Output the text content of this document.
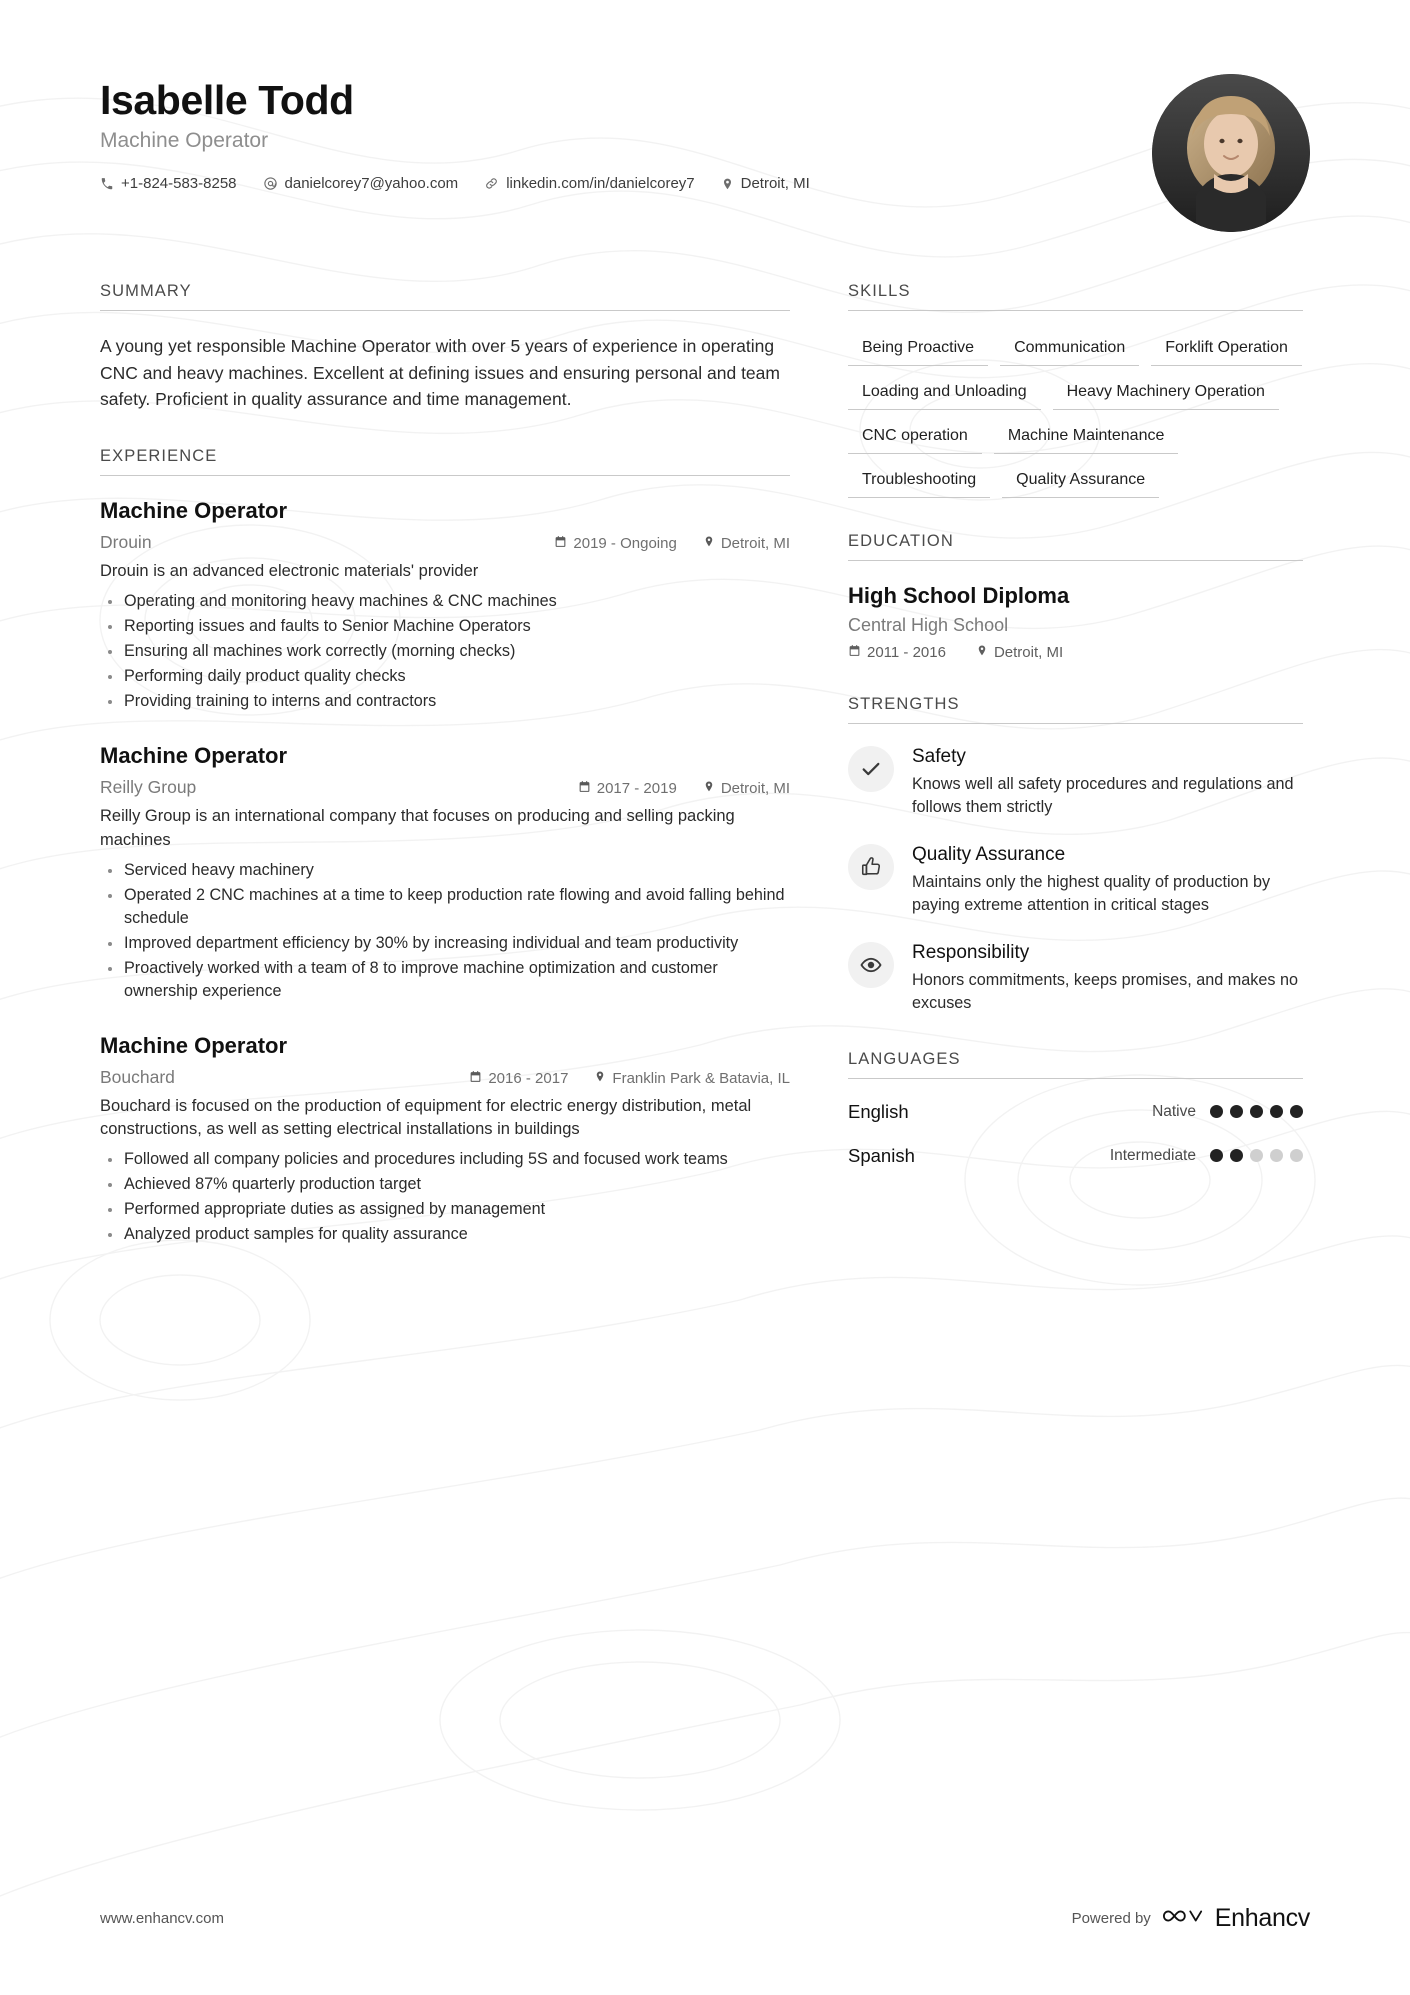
Isabelle Todd
Machine Operator
+1-824-583-8258	danielcorey7@yahoo.com	linkedin.com/in/danielcorey7	Detroit, MI
SUMMARY
A young yet responsible Machine Operator with over 5 years of experience in operating CNC and heavy machines. Excellent at defining issues and ensuring personal and team safety. Proficient in quality assurance and time management.
EXPERIENCE
Machine Operator
Drouin	2019 - Ongoing	Detroit, MI
Drouin is an advanced electronic materials' provider
Operating and monitoring heavy machines & CNC machines
Reporting issues and faults to Senior Machine Operators
Ensuring all machines work correctly (morning checks)
Performing daily product quality checks
Providing training to interns and contractors
Machine Operator
Reilly Group	2017 - 2019	Detroit, MI
Reilly Group is an international company that focuses on producing and selling packing machines
Serviced heavy machinery
Operated 2 CNC machines at a time to keep production rate flowing and avoid falling behind schedule
Improved department efficiency by 30% by increasing individual and team productivity
Proactively worked with a team of 8 to improve machine optimization and customer ownership experience
Machine Operator
Bouchard	2016 - 2017	Franklin Park & Batavia, IL
Bouchard is focused on the production of equipment for electric energy distribution, metal constructions, as well as setting electrical installations in buildings
Followed all company policies and procedures including 5S and focused work teams
Achieved 87% quarterly production target
Performed appropriate duties as assigned by management
Analyzed product samples for quality assurance
SKILLS
Being Proactive	Communication	Forklift Operation
Loading and Unloading	Heavy Machinery Operation
CNC operation	Machine Maintenance
Troubleshooting	Quality Assurance
EDUCATION
High School Diploma
Central High School
2011 - 2016	Detroit, MI
STRENGTHS
Safety
Knows well all safety procedures and regulations and follows them strictly
Quality Assurance
Maintains only the highest quality of production by paying extreme attention in critical stages
Responsibility
Honors commitments, keeps promises, and makes no excuses
LANGUAGES
English	Native
Spanish	Intermediate
www.enhancv.com	Powered by	Enhancv
